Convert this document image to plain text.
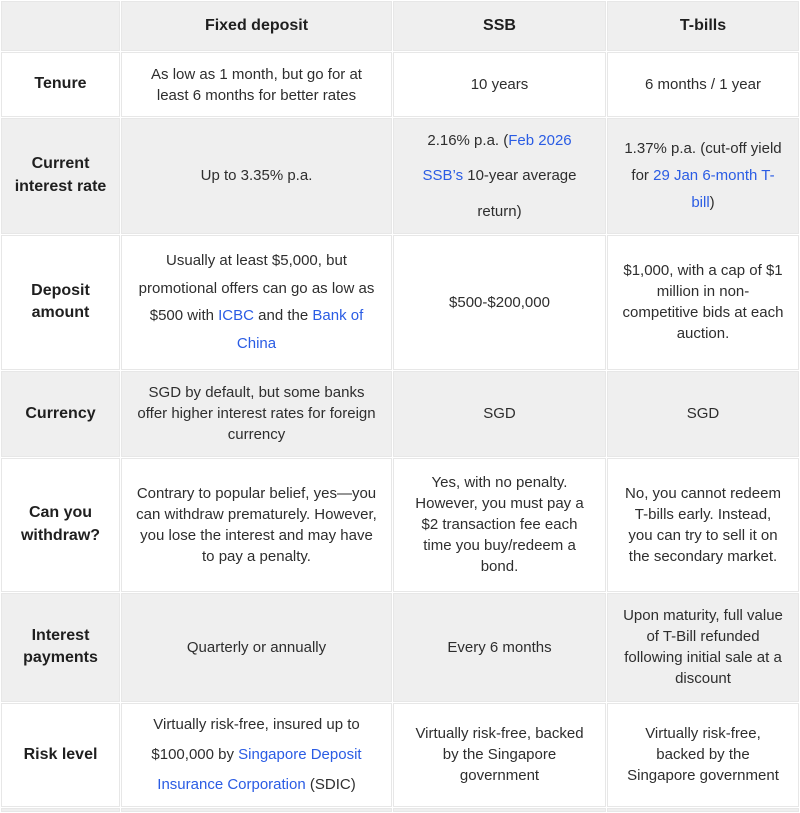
	Fixed deposit	SSB	T-bills
Tenure	As low as 1 month, but go for at least 6 months for better rates	10 years	6 months / 1 year
Current interest rate	Up to 3.35% p.a.	2.16% p.a. (Feb 2026 SSB’s 10-year average return)	1.37% p.a. (cut-off yield for 29 Jan 6-month T-bill)
Deposit amount	Usually at least $5,000, but promotional offers can go as low as $500 with ICBC and the Bank of China	$500-$200,000	$1,000, with a cap of $1 million in non-competitive bids at each auction.
Currency	SGD by default, but some banks offer higher interest rates for foreign currency	SGD	SGD
Can you withdraw?	Contrary to popular belief, yes—you can withdraw prematurely. However, you lose the interest and may have to pay a penalty.	Yes, with no penalty. However, you must pay a $2 transaction fee each time you buy/redeem a bond.	No, you cannot redeem T-bills early. Instead, you can try to sell it on the secondary market.
Interest payments	Quarterly or annually	Every 6 months	Upon maturity, full value of T-Bill refunded following initial sale at a discount
Risk level	Virtually risk-free, insured up to $100,000 by Singapore Deposit Insurance Corporation (SDIC)	Virtually risk-free, backed by the Singapore government	Virtually risk-free, backed by the Singapore government
